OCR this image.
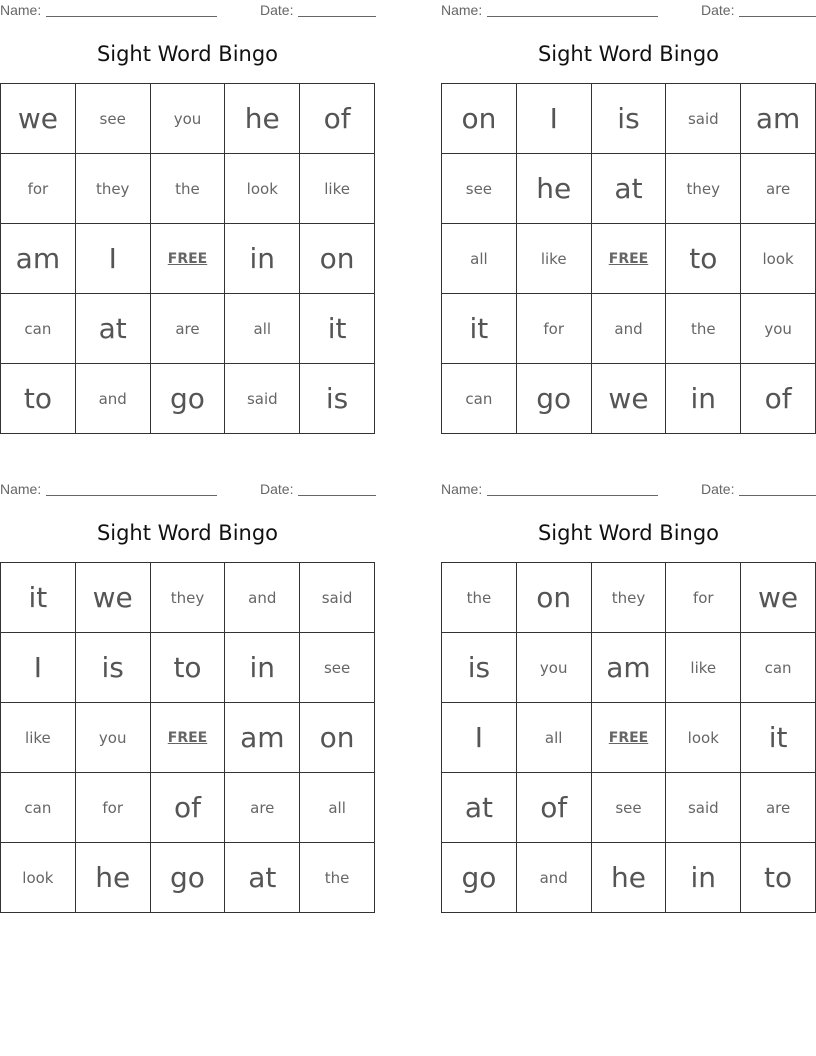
Name:	Date:
Sight Word Bingo
we	see	you	he	of
for	they	the	look	like
am	I	FREE	in	on
can	at	are	all	it
to	and	go	said	is
Name:	Date:
Sight Word Bingo
on	I	is	said	am
see	he	at	they	are
all	like	FREE	to	look
it	for	and	the	you
can	go	we	in	of
Name:	Date:
Sight Word Bingo
it	we	they	and	said
I	is	to	in	see
like	you	FREE	am	on
can	for	of	are	all
look	he	go	at	the
Name:	Date:
Sight Word Bingo
the	on	they	for	we
is	you	am	like	can
I	all	FREE	look	it
at	of	see	said	are
go	and	he	in	to
